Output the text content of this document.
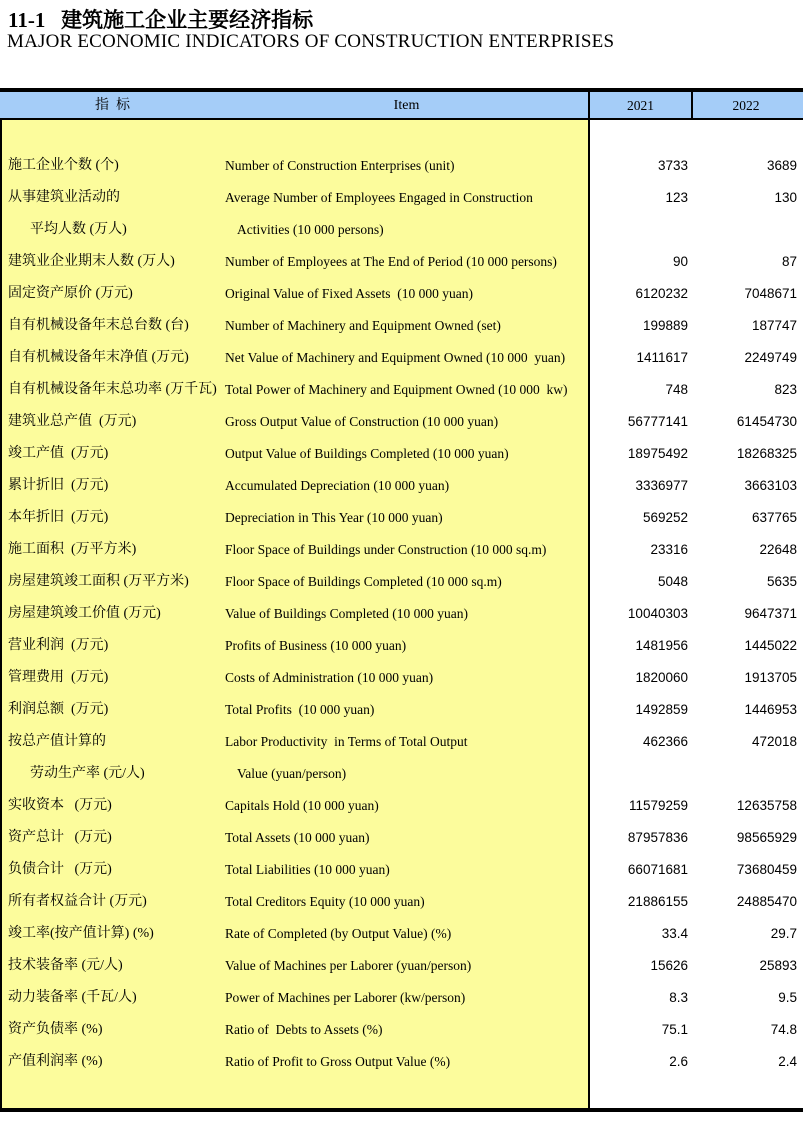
11-1   建筑施工企业主要经济指标
MAJOR ECONOMIC INDICATORS OF CONSTRUCTION ENTERPRISES
指  标	Item	2021	2022
施工企业个数 (个)	Number of Construction Enterprises (unit)	3733	3689
从事建筑业活动的	Average Number of Employees Engaged in Construction	123	130
平均人数 (万人)	Activities (10 000 persons)
建筑业企业期末人数 (万人)	Number of Employees at The End of Period (10 000 persons)	90	87
固定资产原价 (万元)	Original Value of Fixed Assets  (10 000 yuan)	6120232	7048671
自有机械设备年末总台数 (台)	Number of Machinery and Equipment Owned (set)	199889	187747
自有机械设备年末净值 (万元)	Net Value of Machinery and Equipment Owned (10 000  yuan)	1411617	2249749
自有机械设备年末总功率 (万千瓦) Total Power of Machinery and Equipment Owned (10 000  kw)	748	823
建筑业总产值  (万元)	Gross Output Value of Construction (10 000 yuan)	56777141	61454730
竣工产值  (万元)	Output Value of Buildings Completed (10 000 yuan)	18975492	18268325
累计折旧  (万元)	Accumulated Depreciation (10 000 yuan)	3336977	3663103
本年折旧  (万元)	Depreciation in This Year (10 000 yuan)	569252	637765
施工面积  (万平方米)	Floor Space of Buildings under Construction (10 000 sq.m)	23316	22648
房屋建筑竣工面积 (万平方米)	Floor Space of Buildings Completed (10 000 sq.m)	5048	5635
房屋建筑竣工价值 (万元)	Value of Buildings Completed (10 000 yuan)	10040303	9647371
营业利润  (万元)	Profits of Business (10 000 yuan)	1481956	1445022
管理费用  (万元)	Costs of Administration (10 000 yuan)	1820060	1913705
利润总额  (万元)	Total Profits  (10 000 yuan)	1492859	1446953
按总产值计算的	Labor Productivity  in Terms of Total Output	462366	472018
劳动生产率 (元/人)	Value (yuan/person)
实收资本   (万元)	Capitals Hold (10 000 yuan)	11579259	12635758
资产总计   (万元)	Total Assets (10 000 yuan)	87957836	98565929
负债合计   (万元)	Total Liabilities (10 000 yuan)	66071681	73680459
所有者权益合计 (万元)	Total Creditors Equity (10 000 yuan)	21886155	24885470
竣工率(按产值计算) (%)	Rate of Completed (by Output Value) (%)	33.4	29.7
技术装备率 (元/人)	Value of Machines per Laborer (yuan/person)	15626	25893
动力装备率 (千瓦/人)	Power of Machines per Laborer (kw/person)	8.3	9.5
资产负债率 (%)	Ratio of  Debts to Assets (%)	75.1	74.8
产值利润率 (%)	Ratio of Profit to Gross Output Value (%)	2.6	2.4
